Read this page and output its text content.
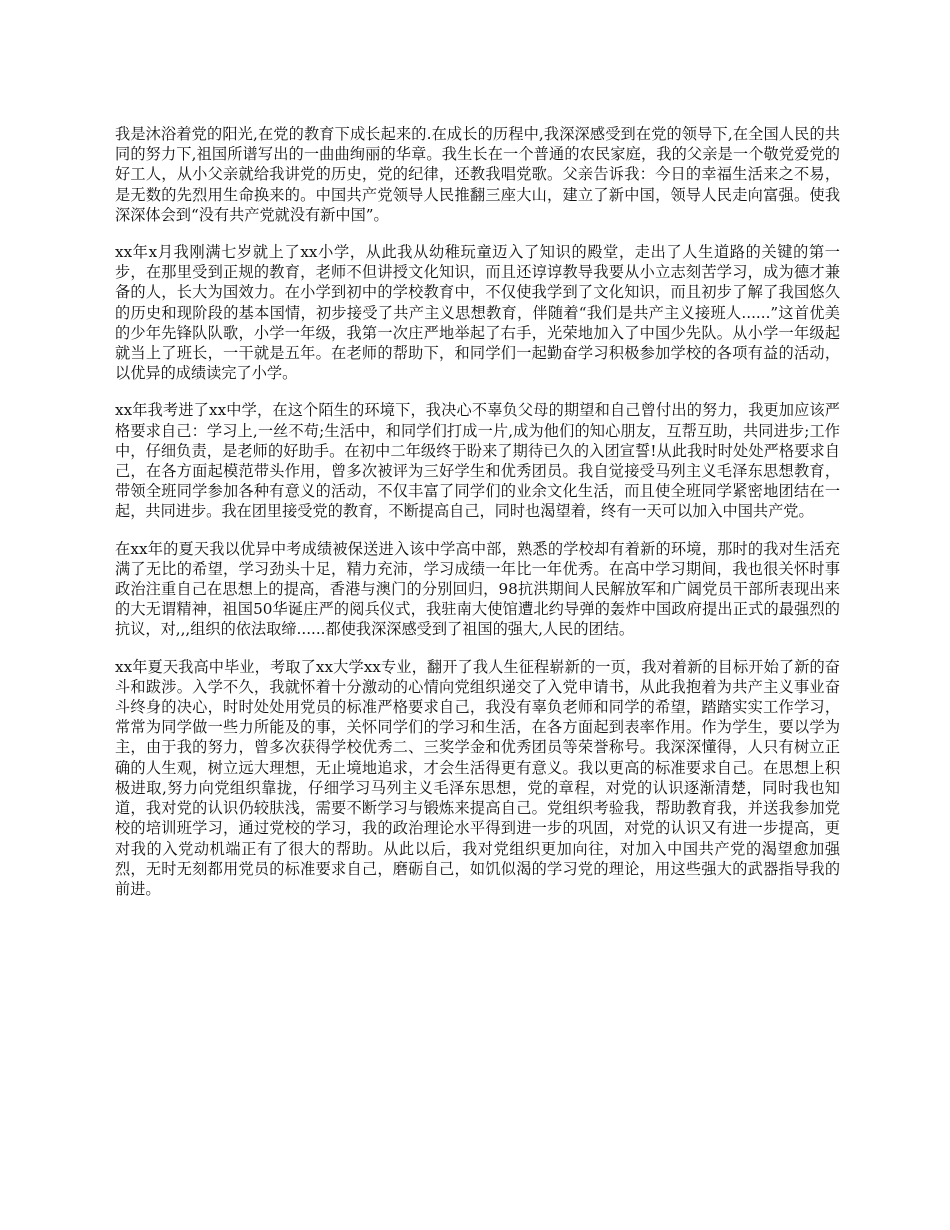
我是沐浴着党的阳光,在党的教育下成长起来的.在成长的历程中,我深深感受到在党的领导下,在全国人民的共同的努力下,祖国所谱写出的一曲曲绚丽的华章。我生长在一个普通的农民家庭，我的父亲是一个敬党爱党的好工人，从小父亲就给我讲党的历史，党的纪律，还教我唱党歌。父亲告诉我：今日的幸福生活来之不易，是无数的先烈用生命换来的。中国共产党领导人民推翻三座大山，建立了新中国，领导人民走向富强。使我深深体会到“没有共产党就没有新中国”。

xx年x月我刚满七岁就上了xx小学，从此我从幼稚玩童迈入了知识的殿堂，走出了人生道路的关键的第一步，在那里受到正规的教育，老师不但讲授文化知识，而且还谆谆教导我要从小立志刻苦学习，成为德才兼备的人，长大为国效力。在小学到初中的学校教育中，不仅使我学到了文化知识，而且初步了解了我国悠久的历史和现阶段的基本国情，初步接受了共产主义思想教育，伴随着“我们是共产主义接班人......”这首优美的少年先锋队队歌，小学一年级，我第一次庄严地举起了右手，光荣地加入了中国少先队。从小学一年级起就当上了班长，一干就是五年。在老师的帮助下，和同学们一起勤奋学习积极参加学校的各项有益的活动，以优异的成绩读完了小学。

xx年我考进了xx中学，在这个陌生的环境下，我决心不辜负父母的期望和自己曾付出的努力，我更加应该严格要求自己：学习上,一丝不苟;生活中，和同学们打成一片,成为他们的知心朋友，互帮互助，共同进步;工作中，仔细负责，是老师的好助手。在初中二年级终于盼来了期待已久的入团宣誓!从此我时时处处严格要求自己，在各方面起模范带头作用，曾多次被评为三好学生和优秀团员。我自觉接受马列主义毛泽东思想教育，带领全班同学参加各种有意义的活动，不仅丰富了同学们的业余文化生活，而且使全班同学紧密地团结在一起，共同进步。我在团里接受党的教育，不断提高自己，同时也渴望着，终有一天可以加入中国共产党。

在xx年的夏天我以优异中考成绩被保送进入该中学高中部，熟悉的学校却有着新的环境，那时的我对生活充满了无比的希望，学习劲头十足，精力充沛，学习成绩一年比一年优秀。在高中学习期间，我也很关怀时事政治注重自己在思想上的提高，香港与澳门的分别回归，98抗洪期间人民解放军和广阔党员干部所表现出来的大无谓精神，祖国50华诞庄严的阅兵仪式，我驻南大使馆遭北约导弹的轰炸中国政府提出正式的最强烈的抗议，对,,,组织的依法取缔......都使我深深感受到了祖国的强大,人民的团结。

xx年夏天我高中毕业，考取了xx大学xx专业，翻开了我人生征程崭新的一页，我对着新的目标开始了新的奋斗和跋涉。入学不久，我就怀着十分激动的心情向党组织递交了入党申请书，从此我抱着为共产主义事业奋斗终身的决心，时时处处用党员的标准严格要求自己，我没有辜负老师和同学的希望，踏踏实实工作学习，常常为同学做一些力所能及的事，关怀同学们的学习和生活，在各方面起到表率作用。作为学生，要以学为主，由于我的努力，曾多次获得学校优秀二、三奖学金和优秀团员等荣誉称号。我深深懂得，人只有树立正确的人生观，树立远大理想，无止境地追求，才会生活得更有意义。我以更高的标准要求自己。在思想上积极进取,努力向党组织靠拢，仔细学习马列主义毛泽东思想，党的章程，对党的认识逐渐清楚，同时我也知道，我对党的认识仍较肤浅，需要不断学习与锻炼来提高自己。党组织考验我，帮助教育我，并送我参加党校的培训班学习，通过党校的学习，我的政治理论水平得到进一步的巩固，对党的认识又有进一步提高，更对我的入党动机端正有了很大的帮助。从此以后，我对党组织更加向往，对加入中国共产党的渴望愈加强烈，无时无刻都用党员的标准要求自己，磨砺自己，如饥似渴的学习党的理论，用这些强大的武器指导我的前进。
